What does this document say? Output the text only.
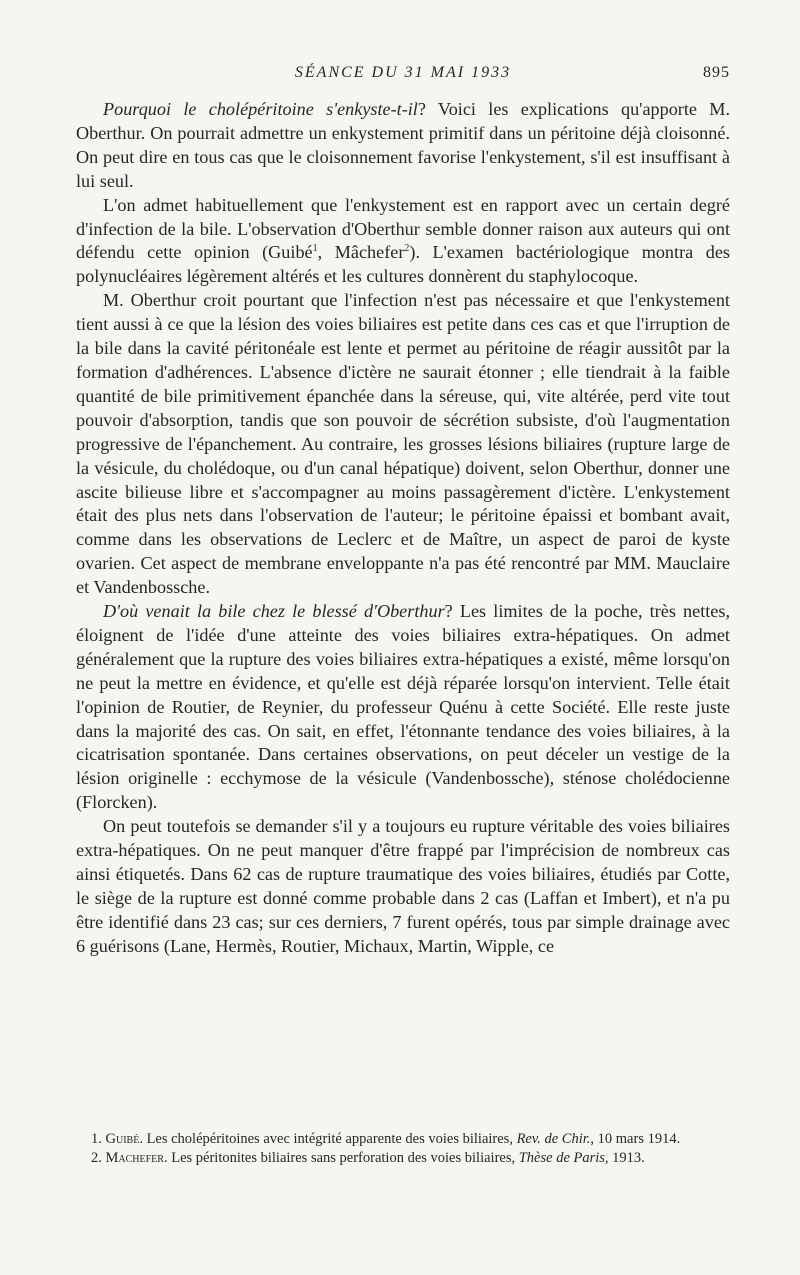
SÉANCE DU 31 MAI 1933	895

Pourquoi le cholépéritoine s'enkyste-t-il? Voici les explications qu'apporte M. Oberthur. On pourrait admettre un enkystement primitif dans un péritoine déjà cloisonné. On peut dire en tous cas que le cloisonnement favorise l'enkystement, s'il est insuffisant à lui seul.

L'on admet habituellement que l'enkystement est en rapport avec un certain degré d'infection de la bile. L'observation d'Oberthur semble donner raison aux auteurs qui ont défendu cette opinion (Guibé$^1$, Mâchefer$^2$). L'examen bactériologique montra des polynucléaires légèrement altérés et les cultures donnèrent du staphylocoque.

M. Oberthur croit pourtant que l'infection n'est pas nécessaire et que l'enkystement tient aussi à ce que la lésion des voies biliaires est petite dans ces cas et que l'irruption de la bile dans la cavité péritonéale est lente et permet au péritoine de réagir aussitôt par la formation d'adhérences. L'absence d'ictère ne saurait étonner ; elle tiendrait à la faible quantité de bile primitivement épanchée dans la séreuse, qui, vite altérée, perd vite tout pouvoir d'absorption, tandis que son pouvoir de sécrétion subsiste, d'où l'augmentation progressive de l'épanchement. Au contraire, les grosses lésions biliaires (rupture large de la vésicule, du cholédoque, ou d'un canal hépatique) doivent, selon Oberthur, donner une ascite bilieuse libre et s'accompagner au moins passagèrement d'ictère. L'enkystement était des plus nets dans l'observation de l'auteur; le péritoine épaissi et bombant avait, comme dans les observations de Leclerc et de Maître, un aspect de paroi de kyste ovarien. Cet aspect de membrane enveloppante n'a pas été rencontré par MM. Mauclaire et Vandenbossche.

D'où venait la bile chez le blessé d'Oberthur? Les limites de la poche, très nettes, éloignent de l'idée d'une atteinte des voies biliaires extra-hépatiques. On admet généralement que la rupture des voies biliaires extra-hépatiques a existé, même lorsqu'on ne peut la mettre en évidence, et qu'elle est déjà réparée lorsqu'on intervient. Telle était l'opinion de Routier, de Reynier, du professeur Quénu à cette Société. Elle reste juste dans la majorité des cas. On sait, en effet, l'étonnante tendance des voies biliaires, à la cicatrisation spontanée. Dans certaines observations, on peut déceler un vestige de la lésion originelle : ecchymose de la vésicule (Vandenbossche), sténose cholédocienne (Florcken).

On peut toutefois se demander s'il y a toujours eu rupture véritable des voies biliaires extra-hépatiques. On ne peut manquer d'être frappé par l'imprécision de nombreux cas ainsi étiquetés. Dans 62 cas de rupture traumatique des voies biliaires, étudiés par Cotte, le siège de la rupture est donné comme probable dans 2 cas (Laffan et Imbert), et n'a pu être identifié dans 23 cas; sur ces derniers, 7 furent opérés, tous par simple drainage avec 6 guérisons (Lane, Hermès, Routier, Michaux, Martin, Wipple, ce

1. Guibé. Les cholépéritoines avec intégrité apparente des voies biliaires, Rev. de Chir., 10 mars 1914.

2. Machefer. Les péritonites biliaires sans perforation des voies biliaires, Thèse de Paris, 1913.
